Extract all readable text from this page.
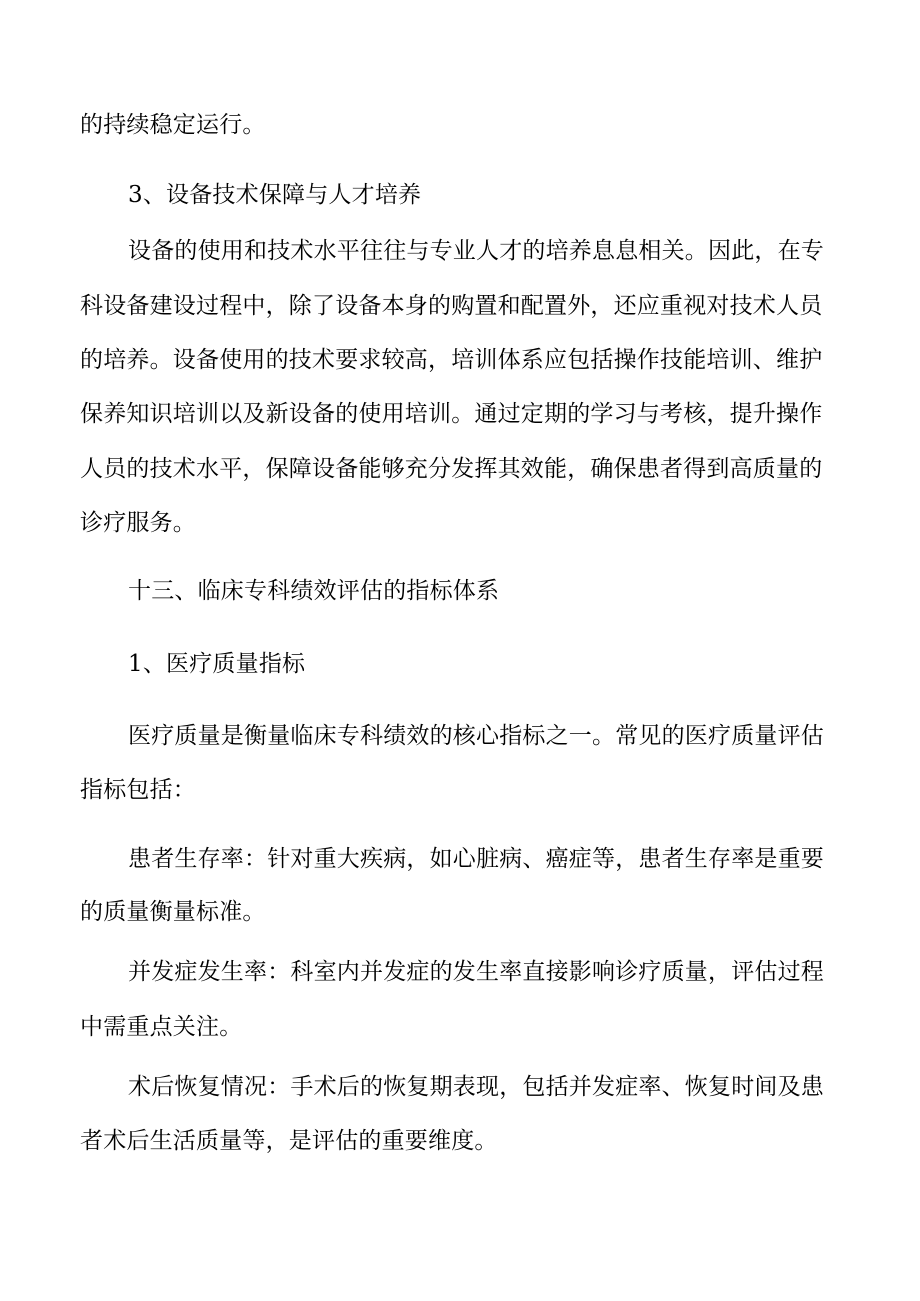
的持续稳定运行。
3、设备技术保障与人才培养
设备的使用和技术水平往往与专业人才的培养息息相关。因此，在专
科设备建设过程中，除了设备本身的购置和配置外，还应重视对技术人员
的培养。设备使用的技术要求较高，培训体系应包括操作技能培训、维护
保养知识培训以及新设备的使用培训。通过定期的学习与考核，提升操作
人员的技术水平，保障设备能够充分发挥其效能，确保患者得到高质量的
诊疗服务。
十三、临床专科绩效评估的指标体系
1、医疗质量指标
医疗质量是衡量临床专科绩效的核心指标之一。常见的医疗质量评估
指标包括：
患者生存率：针对重大疾病，如心脏病、癌症等，患者生存率是重要
的质量衡量标准。
并发症发生率：科室内并发症的发生率直接影响诊疗质量，评估过程
中需重点关注。
术后恢复情况：手术后的恢复期表现，包括并发症率、恢复时间及患
者术后生活质量等，是评估的重要维度。
